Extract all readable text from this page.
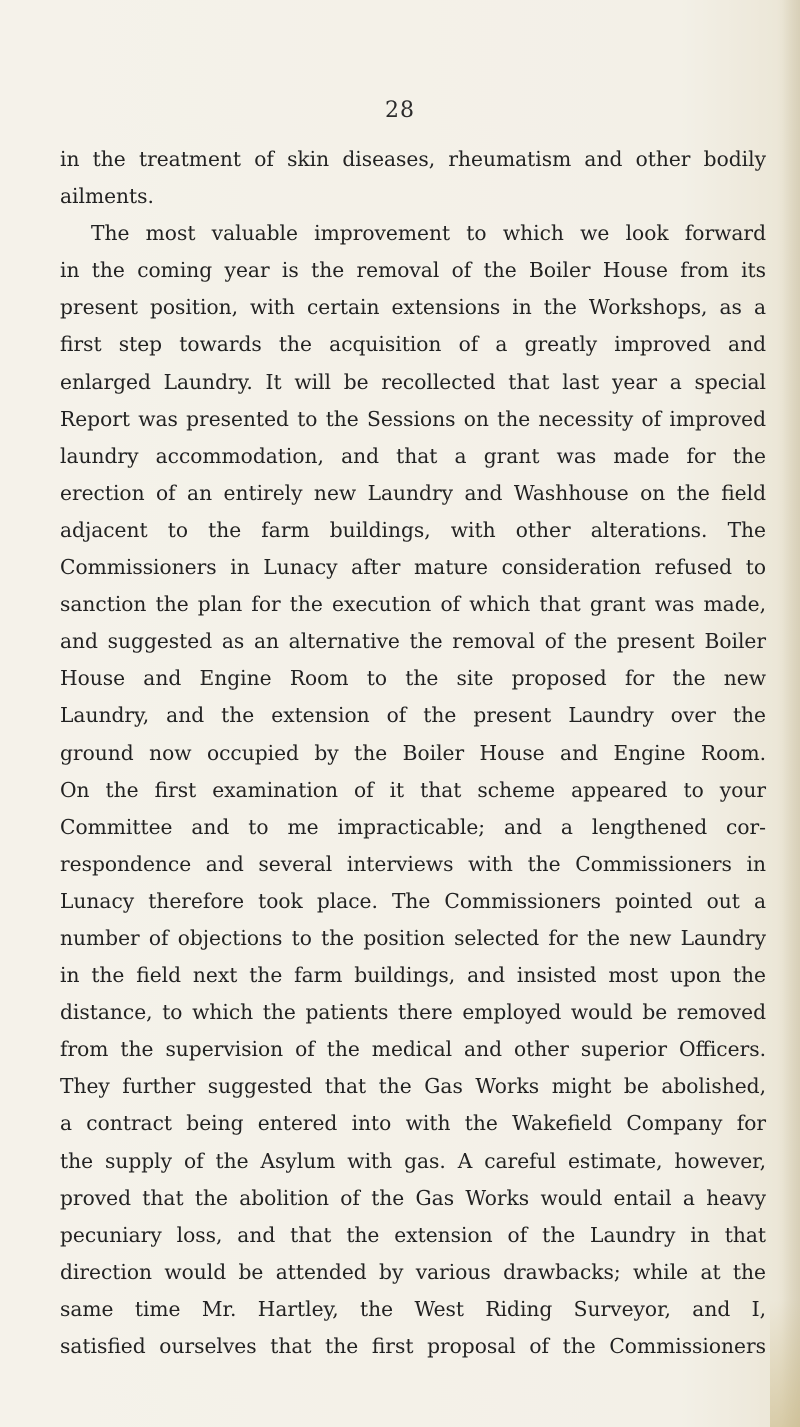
28
in the treatment of skin diseases, rheumatism and other bodily
ailments.
The most valuable improvement to which we look forward
in the coming year is the removal of the Boiler House from its
present position, with certain extensions in the Workshops, as a
first step towards the acquisition of a greatly improved and
enlarged Laundry. It will be recollected that last year a special
Report was presented to the Sessions on the necessity of improved
laundry accommodation, and that a grant was made for the
erection of an entirely new Laundry and Washhouse on the field
adjacent to the farm buildings, with other alterations. The
Commissioners in Lunacy after mature consideration refused to
sanction the plan for the execution of which that grant was made,
and suggested as an alternative the removal of the present Boiler
House and Engine Room to the site proposed for the new
Laundry, and the extension of the present Laundry over the
ground now occupied by the Boiler House and Engine Room.
On the first examination of it that scheme appeared to your
Committee and to me impracticable; and a lengthened cor-
respondence and several interviews with the Commissioners in
Lunacy therefore took place. The Commissioners pointed out a
number of objections to the position selected for the new Laundry
in the field next the farm buildings, and insisted most upon the
distance, to which the patients there employed would be removed
from the supervision of the medical and other superior Officers.
They further suggested that the Gas Works might be abolished,
a contract being entered into with the Wakefield Company for
the supply of the Asylum with gas. A careful estimate, however,
proved that the abolition of the Gas Works would entail a heavy
pecuniary loss, and that the extension of the Laundry in that
direction would be attended by various drawbacks; while at the
same time Mr. Hartley, the West Riding Surveyor, and I,
satisfied ourselves that the first proposal of the Commissioners
